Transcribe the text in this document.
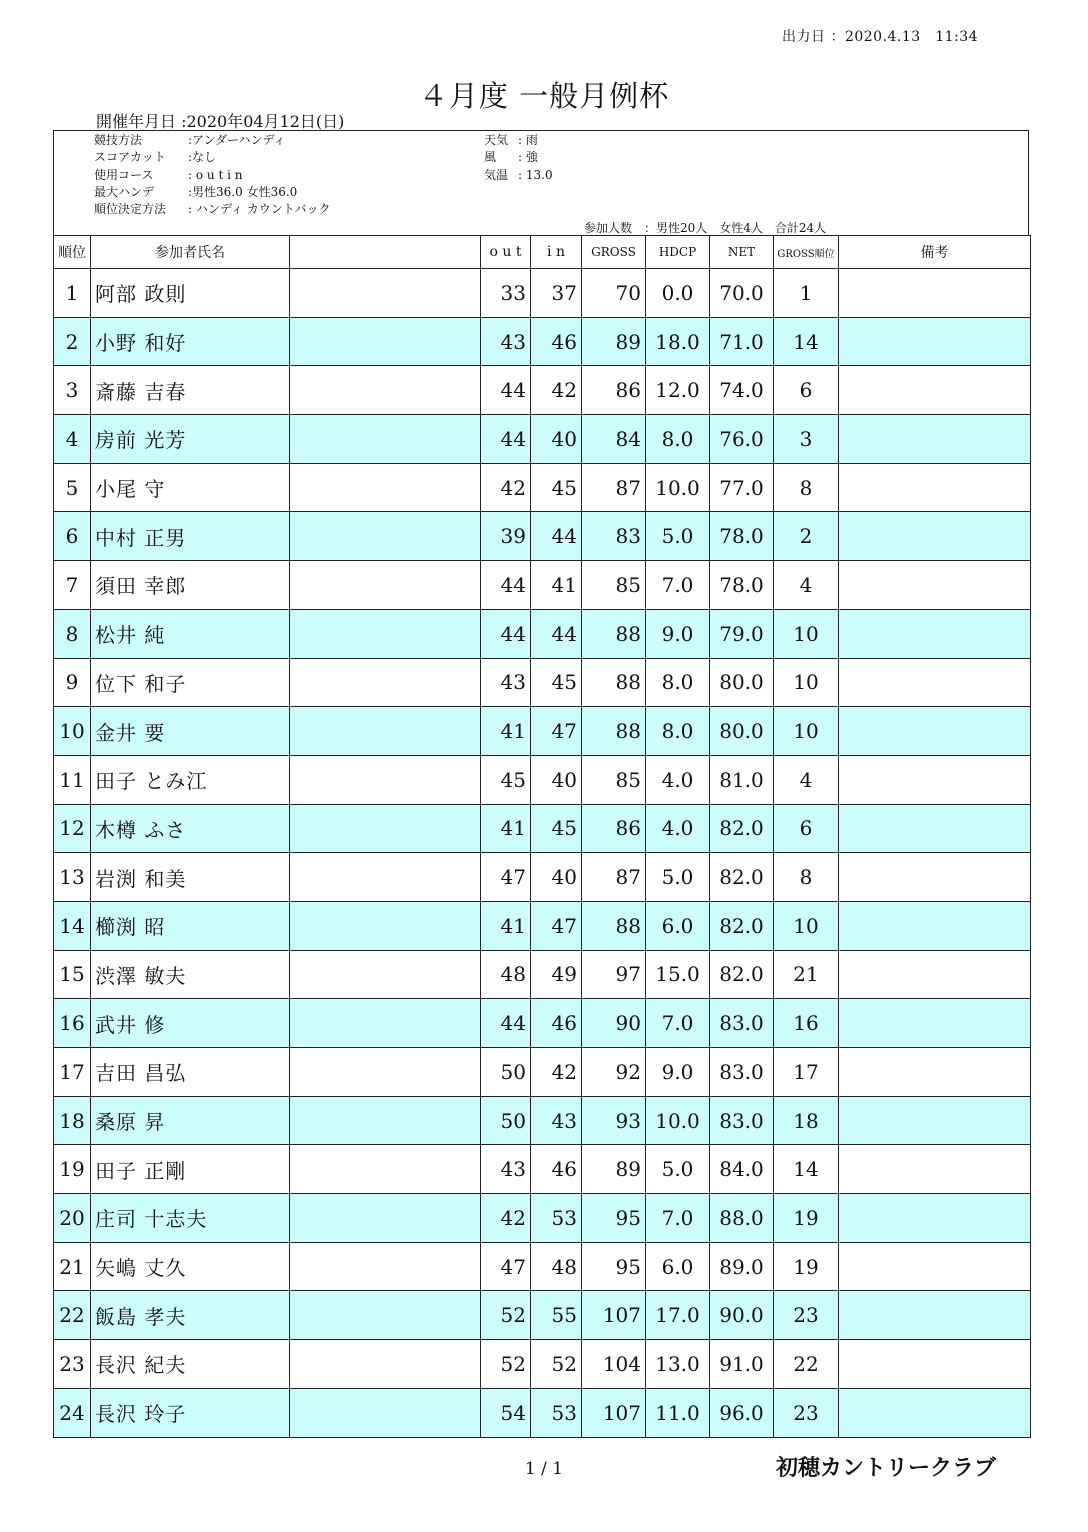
出力日 ：2020.4.13　11:34
４月度 一般月例杯
開催年月日 :2020年04月12日(日)
競技方法	:アンダーハンディ
スコアカット :なし
使用コース	: o u t i n
最大ハンデ	:男性36.0 女性36.0
順位決定方法 : ハンディ カウントバック
天気 : 雨
風 : 強
気温 : 13.0
参加人数　：男性20人　女性4人　合計24人
順位	参加者氏名		o u t	i n	GROSS	HDCP	NET	GROSS順位	備考
1	阿部 政則		33	37	70	0.0	70.0	1	
2	小野 和好		43	46	89	18.0	71.0	14	
3	斎藤 吉春		44	42	86	12.0	74.0	6	
4	房前 光芳		44	40	84	8.0	76.0	3	
5	小尾 守		42	45	87	10.0	77.0	8	
6	中村 正男		39	44	83	5.0	78.0	2	
7	須田 幸郎		44	41	85	7.0	78.0	4	
8	松井 純		44	44	88	9.0	79.0	10	
9	位下 和子		43	45	88	8.0	80.0	10	
10	金井 要		41	47	88	8.0	80.0	10	
11	田子 とみ江		45	40	85	4.0	81.0	4	
12	木樽 ふさ		41	45	86	4.0	82.0	6	
13	岩渕 和美		47	40	87	5.0	82.0	8	
14	櫛渕 昭		41	47	88	6.0	82.0	10	
15	渋澤 敏夫		48	49	97	15.0	82.0	21	
16	武井 修		44	46	90	7.0	83.0	16	
17	吉田 昌弘		50	42	92	9.0	83.0	17	
18	桑原 昇		50	43	93	10.0	83.0	18	
19	田子 正剛		43	46	89	5.0	84.0	14	
20	庄司 十志夫		42	53	95	7.0	88.0	19	
21	矢嶋 丈久		47	48	95	6.0	89.0	19	
22	飯島 孝夫		52	55	107	17.0	90.0	23	
23	長沢 紀夫		52	52	104	13.0	91.0	22	
24	長沢 玲子		54	53	107	11.0	96.0	23	
1 / 1	初穂カントリークラブ
